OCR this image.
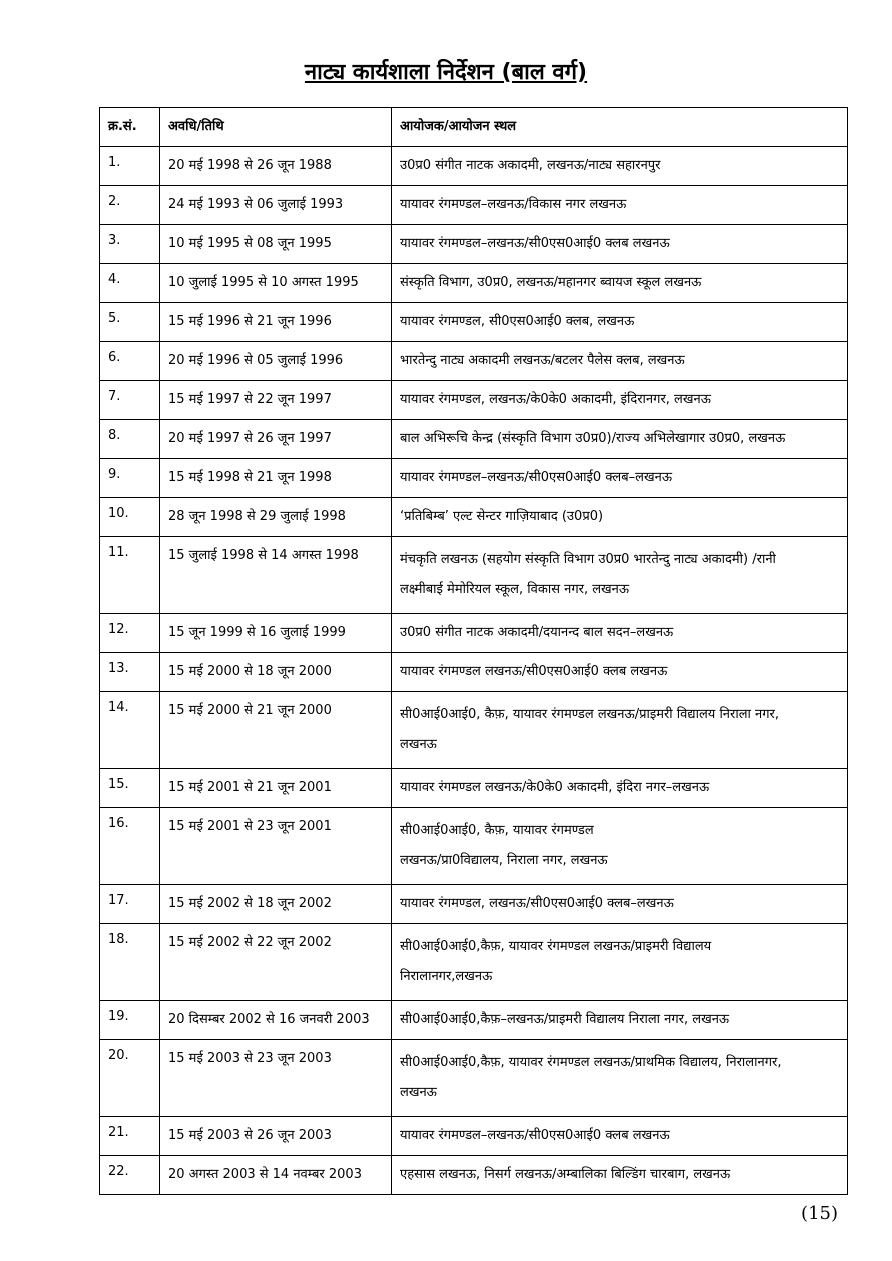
नाट्य कार्यशाला निर्देशन (बाल वर्ग)
क्र.सं.	अवधि/तिथि	आयोजक/आयोजन स्थल
1.	20 मई 1998 से 26 जून 1988	उ0प्र0 संगीत नाटक अकादमी, लखनऊ/नाट्य सहारनपुर

2.	24 मई 1993 से 06 जुलाई 1993	यायावर रंगमण्डल–लखनऊ/विकास नगर लखनऊ

3.	10 मई 1995 से 08 जून 1995	यायावर रंगमण्डल–लखनऊ/सी0एस0आई0 क्लब लखनऊ

4.	10 जुलाई 1995 से 10 अगस्त 1995	संस्कृति विभाग, उ0प्र0, लखनऊ/महानगर ब्वायज स्कूल लखनऊ

5.	15 मई 1996 से 21 जून 1996	यायावर रंगमण्डल, सी0एस0आई0 क्लब, लखनऊ

6.	20 मई 1996 से 05 जुलाई 1996	भारतेन्दु नाट्य अकादमी लखनऊ/बटलर पैलेस क्लब, लखनऊ

7.	15 मई 1997 से 22 जून 1997	यायावर रंगमण्डल, लखनऊ/के0के0 अकादमी, इंदिरानगर, लखनऊ

8.	20 मई 1997 से 26 जून 1997	बाल अभिरूचि केन्द्र (संस्कृति विभाग उ0प्र0)/राज्य अभिलेखागार उ0प्र0, लखनऊ

9.	15 मई 1998 से 21 जून 1998	यायावर रंगमण्डल–लखनऊ/सी0एस0आई0 क्लब–लखनऊ

10.	28 जून 1998 से 29 जुलाई 1998	‘प्रतिबिम्ब’ एल्ट सेन्टर गाज़ियाबाद (उ0प्र0)

11.	15 जुलाई 1998 से 14 अगस्त 1998	मंचकृति लखनऊ (सहयोग संस्कृति विभाग उ0प्र0 भारतेन्दु नाट्य अकादमी) /रानी
लक्ष्मीबाई मेमोरियल स्कूल, विकास नगर, लखनऊ

12.	15 जून 1999 से 16 जुलाई 1999	उ0प्र0 संगीत नाटक अकादमी/दयानन्द बाल सदन–लखनऊ

13.	15 मई 2000 से 18 जून 2000	यायावर रंगमण्डल लखनऊ/सी0एस0आई0 क्लब लखनऊ

14.	15 मई 2000 से 21 जून 2000	सी0आई0आई0, कैफ़, यायावर रंगमण्डल लखनऊ/प्राइमरी विद्यालय निराला नगर,
लखनऊ

15.	15 मई 2001 से 21 जून 2001	यायावर रंगमण्डल लखनऊ/के0के0 अकादमी, इंदिरा नगर–लखनऊ

16.	15 मई 2001 से 23 जून 2001	सी0आई0आई0, कैफ़, यायावर रंगमण्डल
लखनऊ/प्रा0विद्यालय, निराला नगर, लखनऊ

17.	15 मई 2002 से 18 जून 2002	यायावर रंगमण्डल, लखनऊ/सी0एस0आई0 क्लब–लखनऊ

18.	15 मई 2002 से 22 जून 2002	सी0आई0आई0,कैफ़, यायावर रंगमण्डल लखनऊ/प्राइमरी विद्यालय
निरालानगर,लखनऊ

19.	20 दिसम्बर 2002 से 16 जनवरी 2003	सी0आई0आई0,कैफ़–लखनऊ/प्राइमरी विद्यालय निराला नगर, लखनऊ

20.	15 मई 2003 से 23 जून 2003	सी0आई0आई0,कैफ़, यायावर रंगमण्डल लखनऊ/प्राथमिक विद्यालय, निरालानगर,
लखनऊ

21.	15 मई 2003 से 26 जून 2003	यायावर रंगमण्डल–लखनऊ/सी0एस0आई0 क्लब लखनऊ

22.	20 अगस्त 2003 से 14 नवम्बर 2003	एहसास लखनऊ, निसर्ग लखनऊ/अम्बालिका बिल्डिंग चारबाग, लखनऊ
(15)
